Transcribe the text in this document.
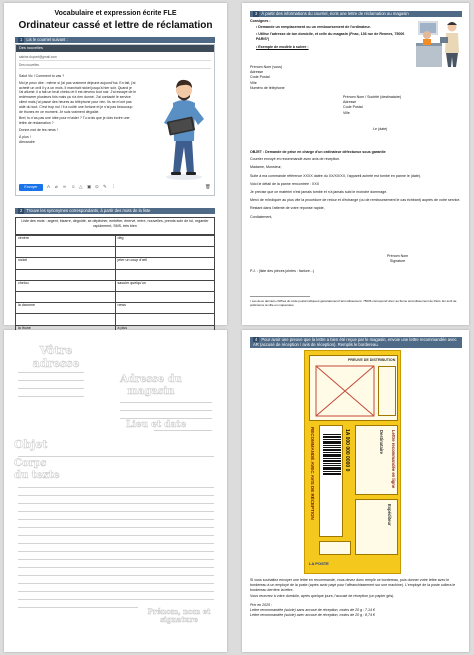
Vocabulaire et expression écrite FLE
Ordinateur cassé et lettre de réclamation
1 Lis le courriel suivant :
Des nouvelles
sabine.dupont@gmail.com
Des nouvelles

Salut Vic ! Comment tu vas ?

Moi je peux dire : même si j'ai pas vraiment déjeuné aujourd'hui. En fait, j'ai acheté un ordi il y a un mois. Il marchait nickel jusqu'à hier soir. Quand je l'ai allumé, il a fait un bruit chelou et il est devenu tout noir. J'ai essayé de le redémarrer plusieurs fois mais ça n'a rien donné. J'ai contacté le service client mais j'ai passé des heures au téléphone pour rien. Ils ne m'ont pas aidé du tout. C'est trop nul ! Il a coûté une fortune et je n'ai pas beaucoup de thunes en ce moment. Je suis vraiment dégoûté.

Bref, tu n'as pas une idée pour m'aider ? Tu crois que je dois écrire une lettre de réclamation ?

Donne-moi de tes news !

À plus !

Alexandre

Envoyer	A ⌀ ∞ ☺ △ ▣ ⊙ ✎ ⋮	🗑
2 Trouve les synonymes correspondants, à partir des mots de la liste
Liste des mots : argent, bizarre, dégoûté, se dépêcher, embêter, énervé, mère, nouvelles, prends soin de toi, regarder rapidement, SMS, très bien
vénère	dég

nickel	jeter un coup d'œil

chelou	saouler quelqu'un

la daronne	news

la thune	à plus

3 À partir des informations du courriel, écris une lettre de réclamation au magasin
Consignes :
• Demande un remplacement ou un remboursement de l'ordinateur.
• Utilise l'adresse de ton domicile, et celle du magasin (Fnac, 136 rue de Rennes, 75006 PARIS¹)
• Exemple de modèle à suivre :
Prénom Nom (vous)
Adresse
Code Postal
Ville
Numéro de téléphone
Prénom Nom / Société (destinataire)
Adresse
Code Postal
Ville
Le (date)
OBJET : Demande de prise en charge d'un ordinateur défectueux sous garantie
Courrier envoyé en recommandé avec avis de réception.
Madame, Monsieur,
Suite à ma commande référence XXXX datée du XX/XX/XX, l'appareil acheté est tombé en panne le (date).
Voici le détail de la panne rencontrée : XXX
Je précise que ce matériel n'est jamais tombé et n'a jamais subi le moindre dommage.
Merci de m'indiquer au plus vite la procédure de retour et d'échange (ou de remboursement le cas échéant) auprès de votre service.
Restant dans l'attente de votre réponse rapide,
Cordialement,
Prénom Nom
Signature
P.J. : (liste des pièces jointes : facture...)
¹ Les deux derniers chiffres du code postal indiquent généralement l'arrondissement. 75006 correspond donc au 6ème arrondissement de Paris. En écrit de préférence la ville en majuscules.
Vôtre adresse
Adresse du magasin
Lieu et date
Objet
Corps du texte
Prénom, nom et signature
4 Pour avoir une preuve que la lettre a bien été reçue par le magasin, envoie une lettre recommandée avec AR (accusé de réception / avis de réception). Remplis le bordereau.
PREUVE DE DISTRIBUTION
RECOMMANDÉ AVEC AVIS DE RÉCEPTION	1A 000 000 0000 0	Destinataire Lettre recommandée en ligne
Expéditeur
LA POSTE
Si vous souhaitez envoyer une lettre en recommandé, vous devez donc remplir ce bordereau, puis donner votre lettre avec le bordereau à un employé de la poste (après avoir payé pour l'affranchissement sur une machine). L'employé de la poste collera le bordereau derrière la lettre.
Vous recevrez à votre domicile, après quelque jours, l'accusé de réception (un papier gris).
Prix en 2025 :
Lettre recommandée (suivie) sans accusé de réception, moins de 20 g : 7,14 €
Lettre recommandée (suivie) avec accusé de réception, moins de 20 g : 8,74 €
